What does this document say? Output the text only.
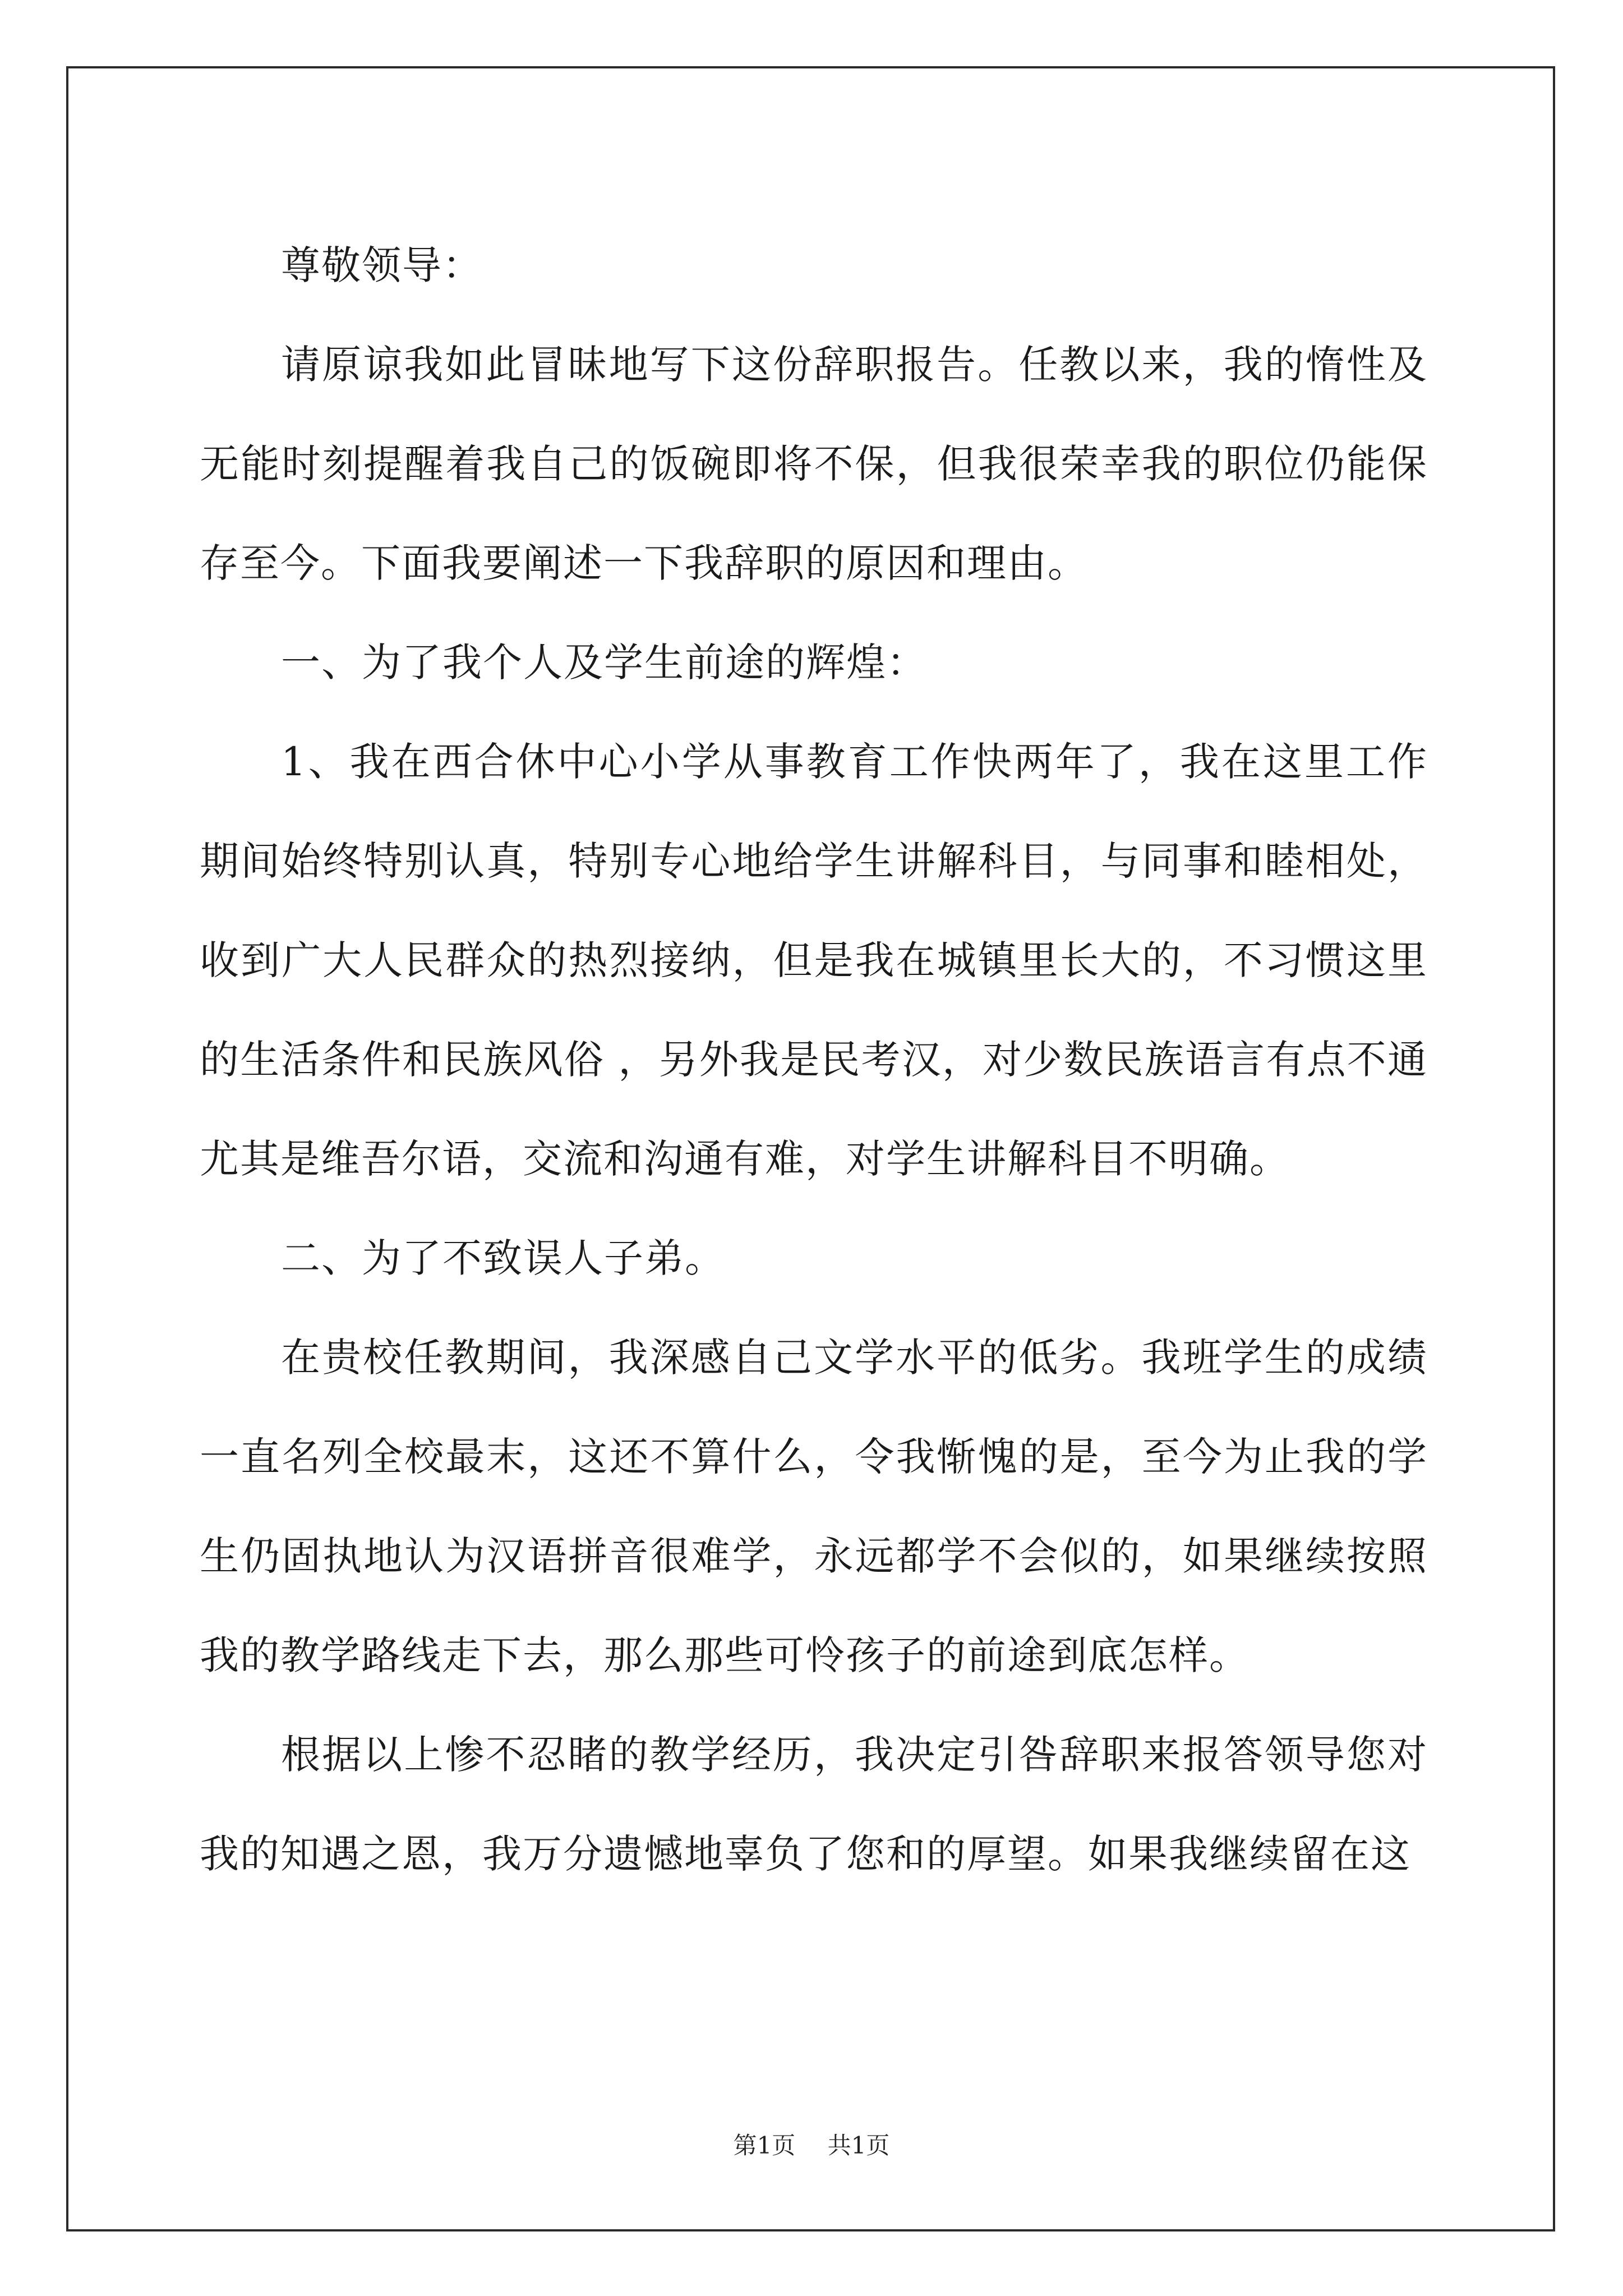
尊敬领导：

请原谅我如此冒昧地写下这份辞职报告。任教以来，我的惰性及无能时刻提醒着我自己的饭碗即将不保，但我很荣幸我的职位仍能保存至今。下面我要阐述一下我辞职的原因和理由。

一、为了我个人及学生前途的辉煌：

1、我在西合休中心小学从事教育工作快两年了，我在这里工作期间始终特别认真，特别专心地给学生讲解科目，与同事和睦相处，收到广大人民群众的热烈接纳，但是我在城镇里长大的，不习惯这里的生活条件和民族风俗 ，另外我是民考汉，对少数民族语言有点不通尤其是维吾尔语，交流和沟通有难，对学生讲解科目不明确。

二、为了不致误人子弟。

在贵校任教期间，我深感自己文学水平的低劣。我班学生的成绩一直名列全校最末，这还不算什么，令我惭愧的是，至今为止我的学生仍固执地认为汉语拼音很难学，永远都学不会似的，如果继续按照我的教学路线走下去，那么那些可怜孩子的前途到底怎样。

根据以上惨不忍睹的教学经历，我决定引咎辞职来报答领导您对我的知遇之恩，我万分遗憾地辜负了您和的厚望。如果我继续留在这

第1页 共1页
